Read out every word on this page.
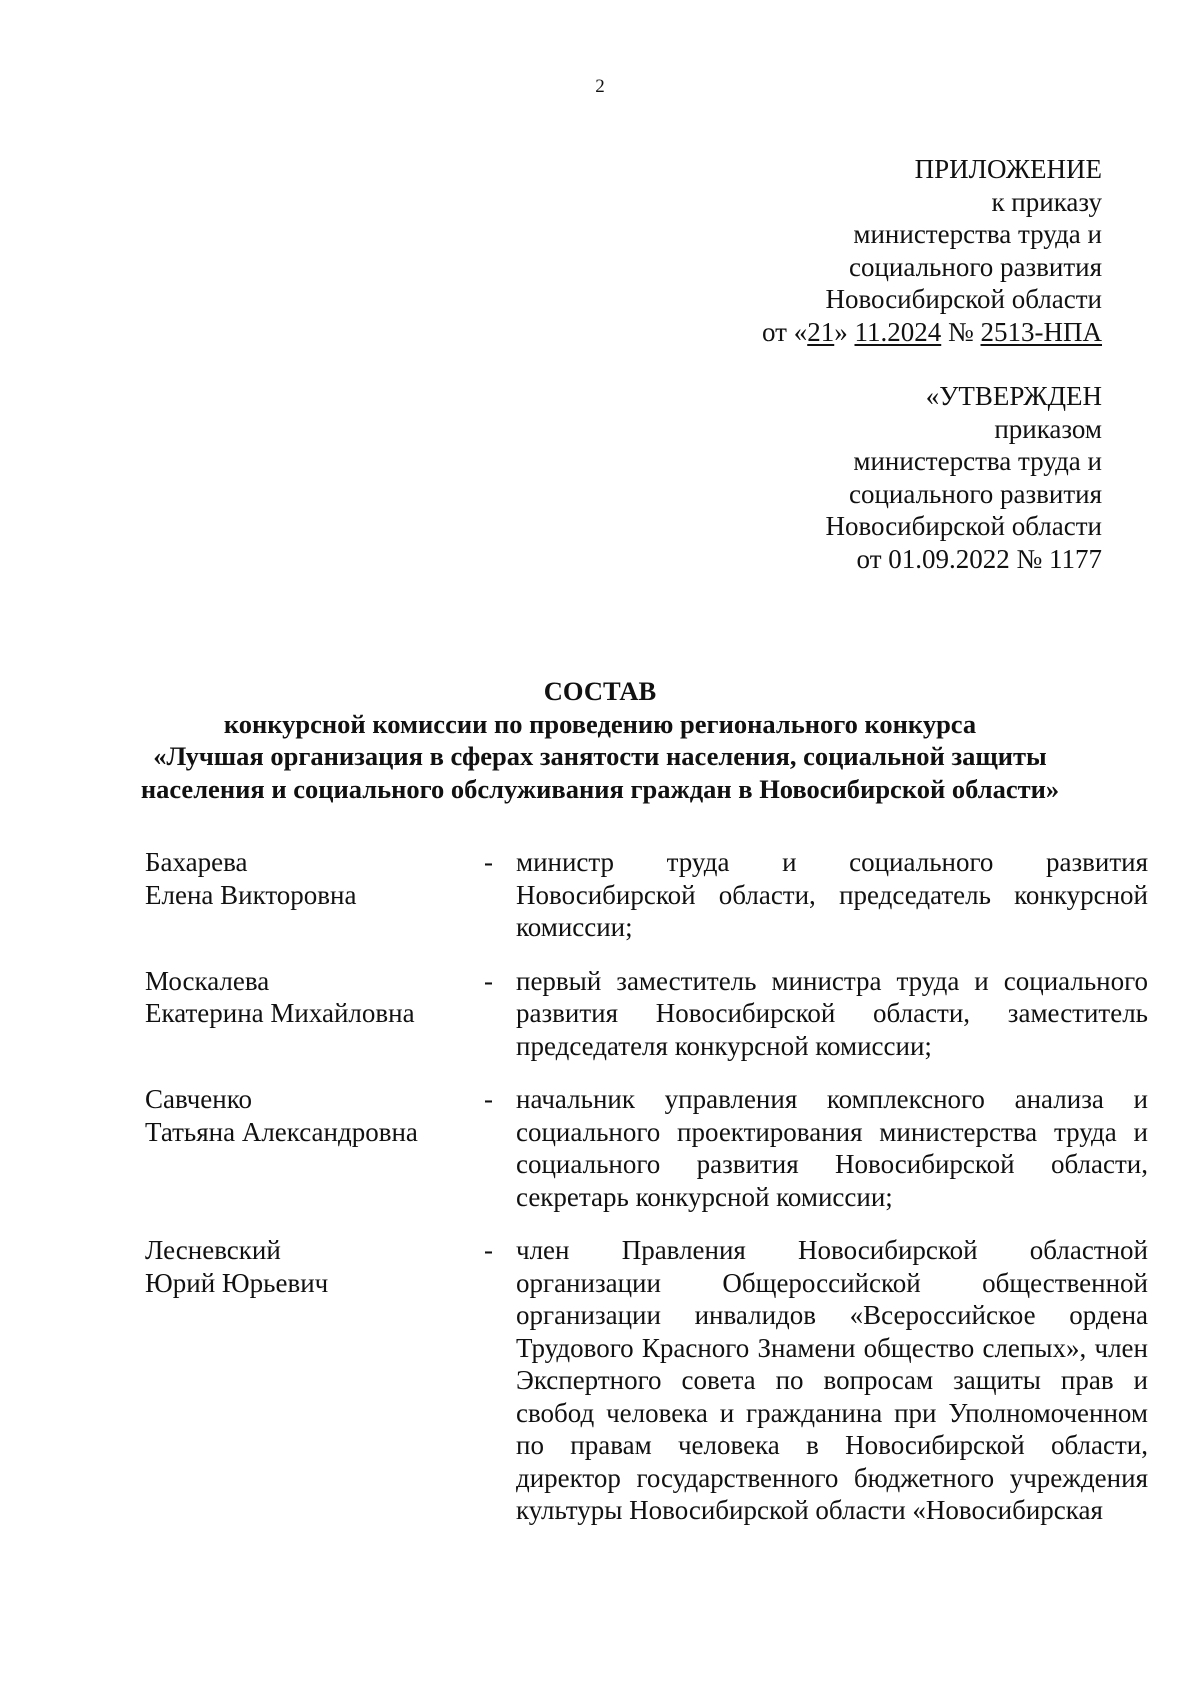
2
ПРИЛОЖЕНИЕ
к приказу
министерства труда и
социального развития
Новосибирской области
от «21» 11.2024 № 2513-НПА
«УТВЕРЖДЕН
приказом
министерства труда и
социального развития
Новосибирской области
от 01.09.2022 № 1177
СОСТАВ
конкурсной комиссии по проведению регионального конкурса
«Лучшая организация в сферах занятости населения, социальной защиты
населения и социального обслуживания граждан в Новосибирской области»
Бахарева
Елена Викторовна
- министр труда и социального развития Новосибирской области, председатель конкурсной комиссии;
Москалева
Екатерина Михайловна
- первый заместитель министра труда и социального развития Новосибирской области, заместитель председателя конкурсной комиссии;
Савченко
Татьяна Александровна
- начальник управления комплексного анализа и социального проектирования министерства труда и социального развития Новосибирской области, секретарь конкурсной комиссии;
Лесневский
Юрий Юрьевич
- член Правления Новосибирской областной организации Общероссийской общественной организации инвалидов «Всероссийское ордена Трудового Красного Знамени общество слепых», член Экспертного совета по вопросам защиты прав и свобод человека и гражданина при Уполномоченном по правам человека в Новосибирской области, директор государственного бюджетного учреждения культуры Новосибирской области «Новосибирская
